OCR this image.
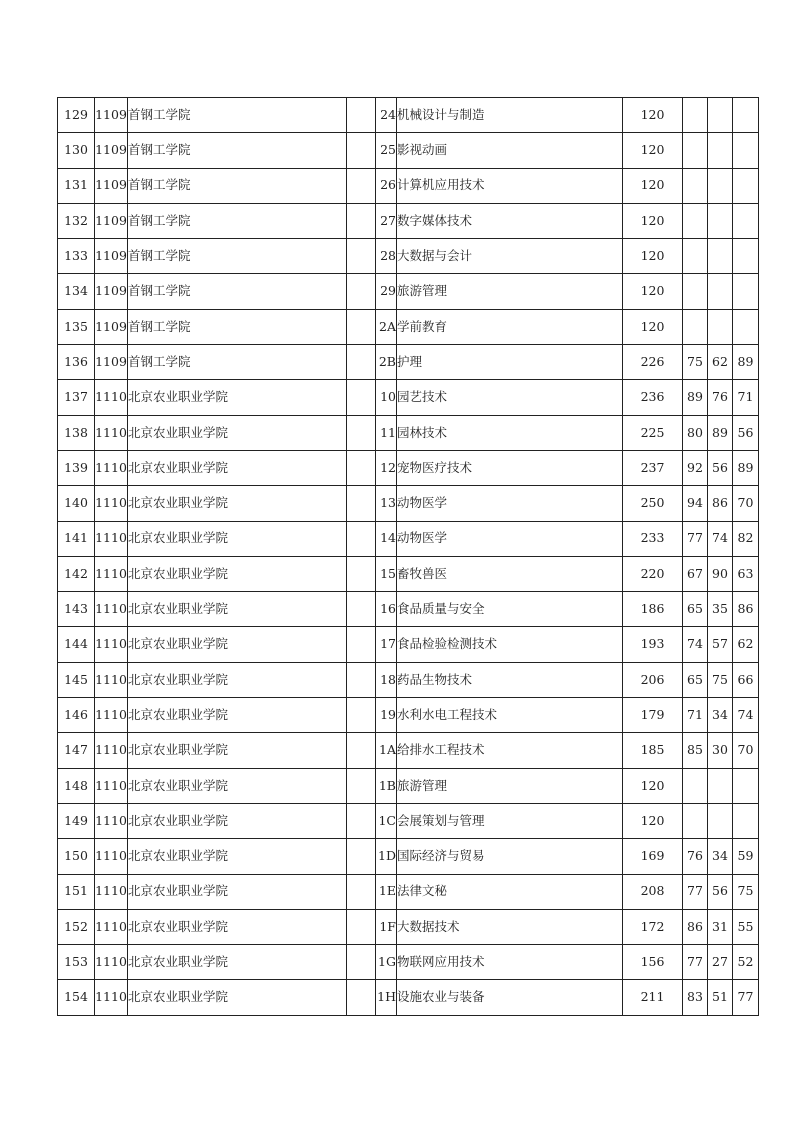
129	1109	首钢工学院		24	机械设计与制造	120			
130	1109	首钢工学院		25	影视动画	120			
131	1109	首钢工学院		26	计算机应用技术	120			
132	1109	首钢工学院		27	数字媒体技术	120			
133	1109	首钢工学院		28	大数据与会计	120			
134	1109	首钢工学院		29	旅游管理	120			
135	1109	首钢工学院		2A	学前教育	120			
136	1109	首钢工学院		2B	护理	226	75	62	89
137	1110	北京农业职业学院		10	园艺技术	236	89	76	71
138	1110	北京农业职业学院		11	园林技术	225	80	89	56
139	1110	北京农业职业学院		12	宠物医疗技术	237	92	56	89
140	1110	北京农业职业学院		13	动物医学	250	94	86	70
141	1110	北京农业职业学院		14	动物医学	233	77	74	82
142	1110	北京农业职业学院		15	畜牧兽医	220	67	90	63
143	1110	北京农业职业学院		16	食品质量与安全	186	65	35	86
144	1110	北京农业职业学院		17	食品检验检测技术	193	74	57	62
145	1110	北京农业职业学院		18	药品生物技术	206	65	75	66
146	1110	北京农业职业学院		19	水利水电工程技术	179	71	34	74
147	1110	北京农业职业学院		1A	给排水工程技术	185	85	30	70
148	1110	北京农业职业学院		1B	旅游管理	120			
149	1110	北京农业职业学院		1C	会展策划与管理	120			
150	1110	北京农业职业学院		1D	国际经济与贸易	169	76	34	59
151	1110	北京农业职业学院		1E	法律文秘	208	77	56	75
152	1110	北京农业职业学院		1F	大数据技术	172	86	31	55
153	1110	北京农业职业学院		1G	物联网应用技术	156	77	27	52
154	1110	北京农业职业学院		1H	设施农业与装备	211	83	51	77
